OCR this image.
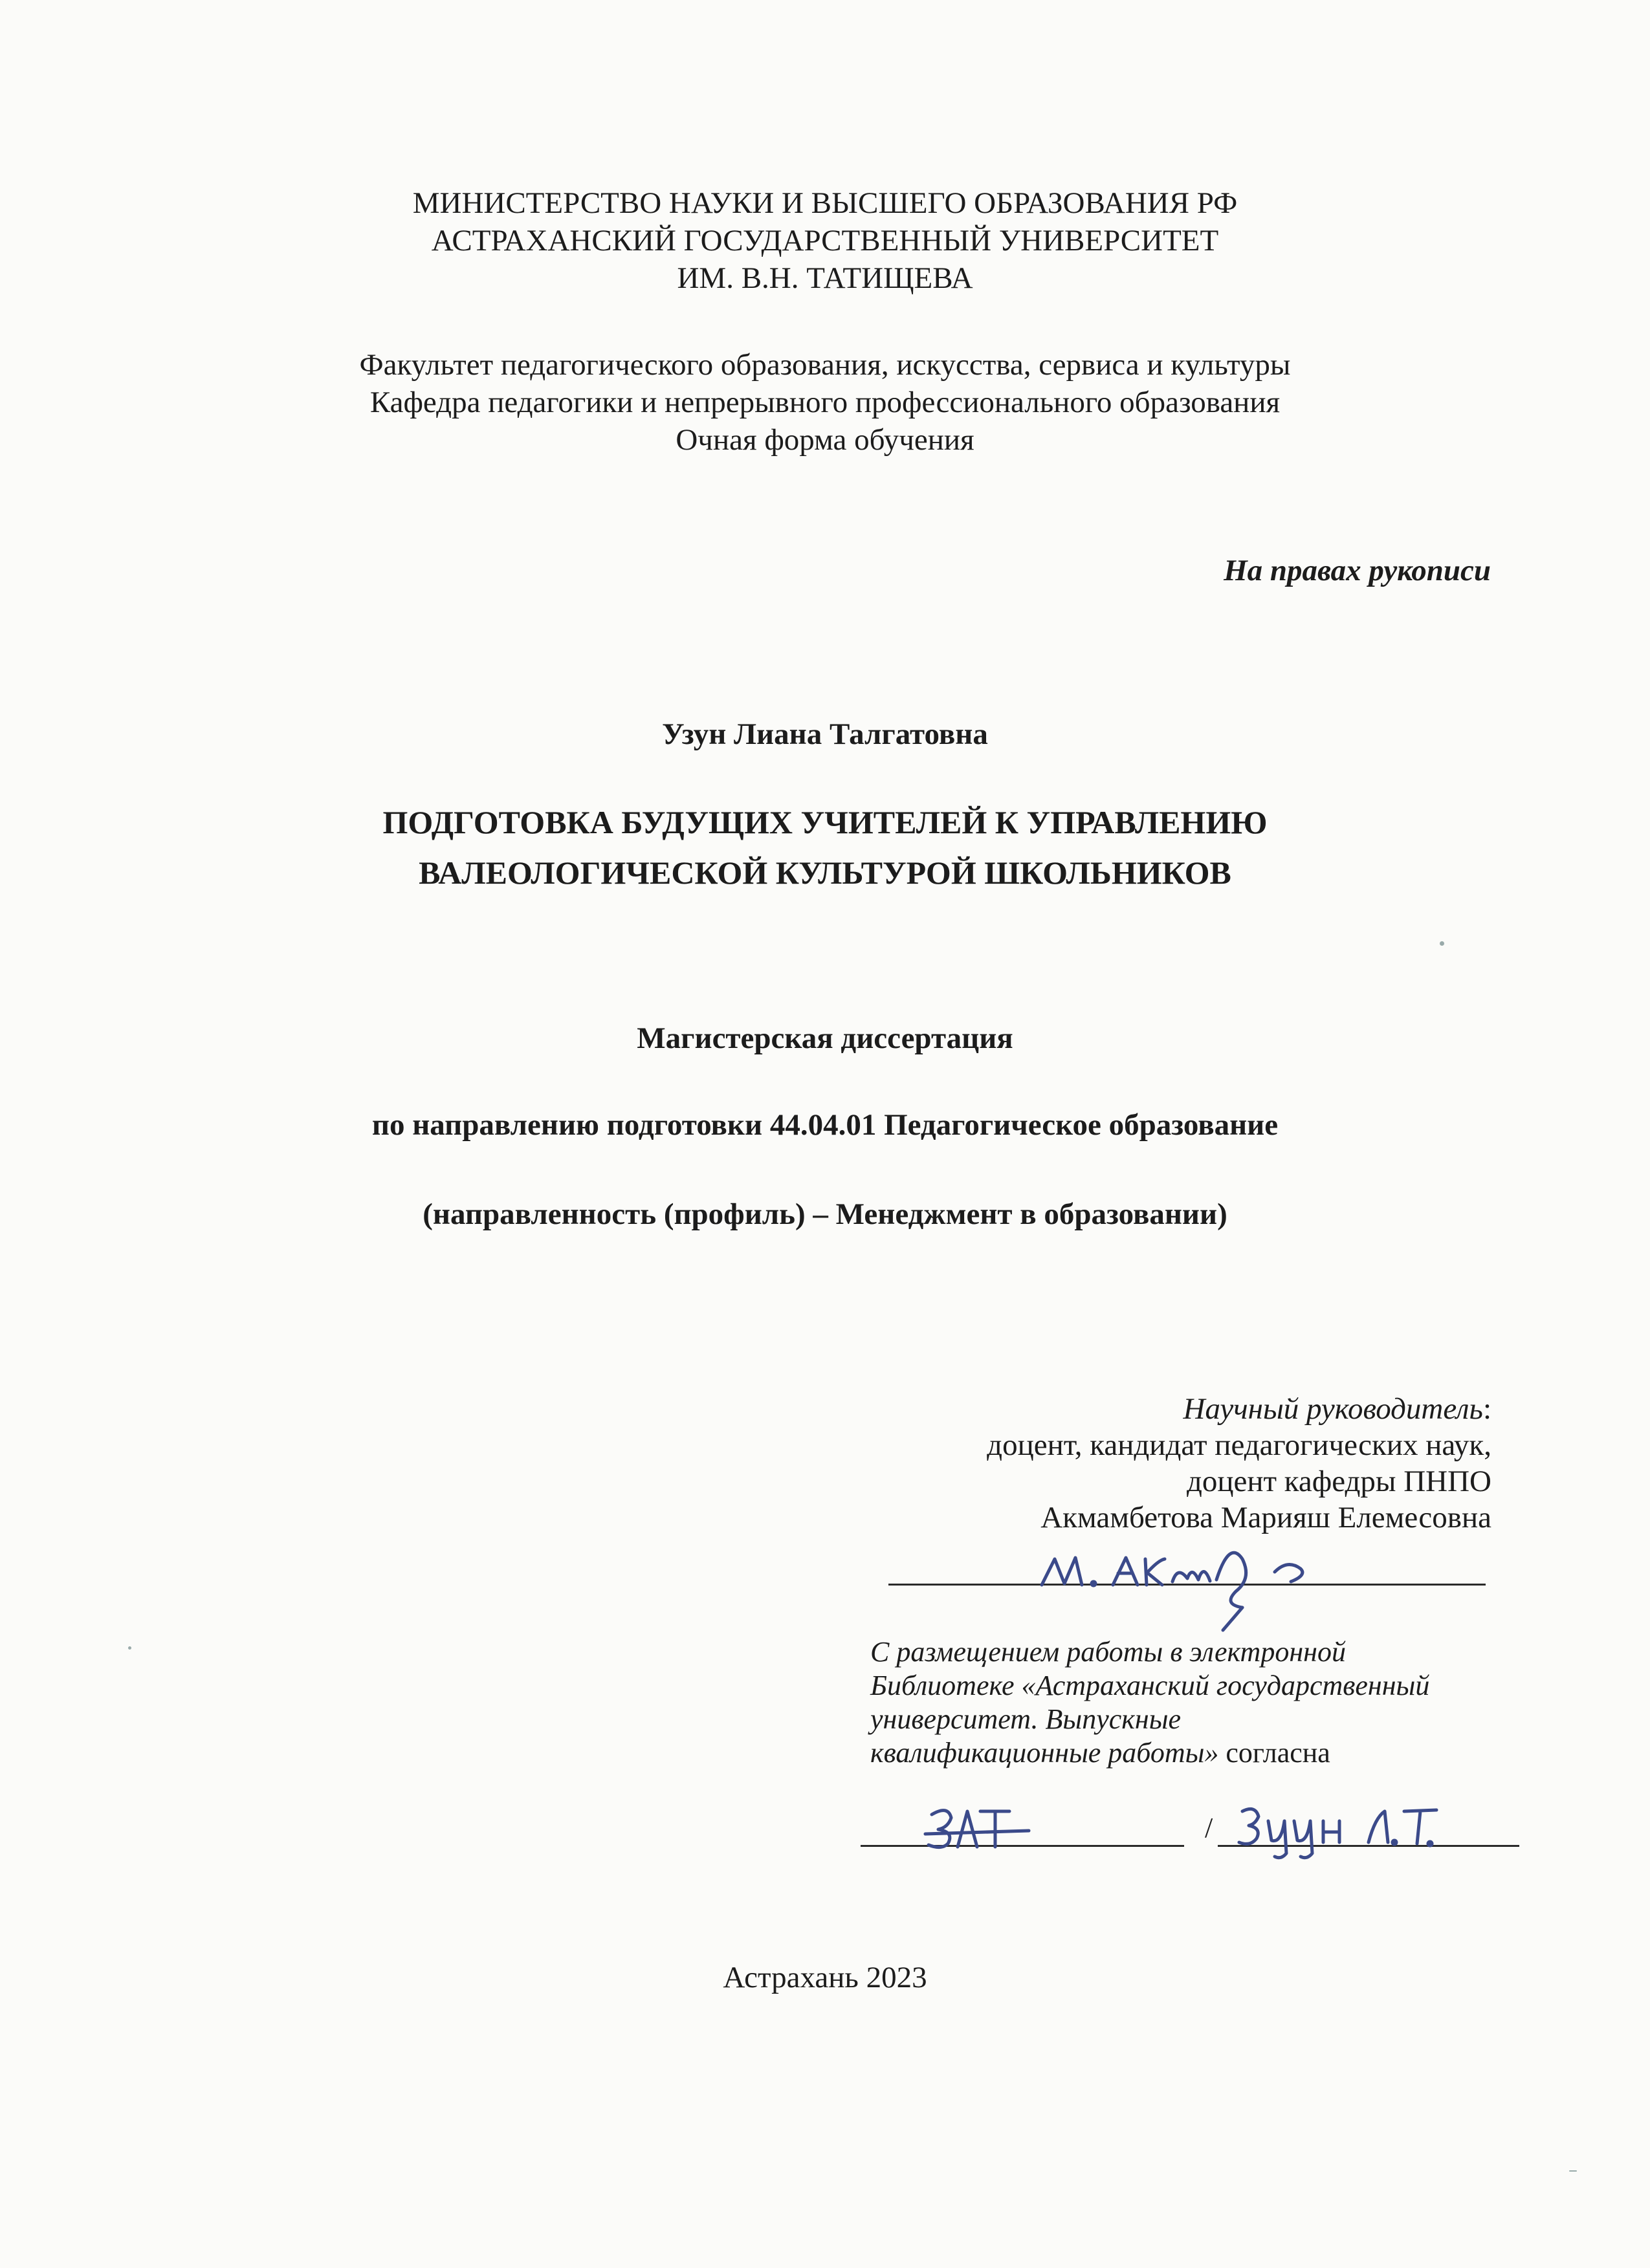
МИНИСТЕРСТВО НАУКИ И ВЫСШЕГО ОБРАЗОВАНИЯ РФ
АСТРАХАНСКИЙ ГОСУДАРСТВЕННЫЙ УНИВЕРСИТЕТ
ИМ. В.Н. ТАТИЩЕВА
Факультет педагогического образования, искусства, сервиса и культуры
Кафедра педагогики и непрерывного профессионального образования
Очная форма обучения
На правах рукописи
Узун Лиана Талгатовна
ПОДГОТОВКА БУДУЩИХ УЧИТЕЛЕЙ К УПРАВЛЕНИЮ
ВАЛЕОЛОГИЧЕСКОЙ КУЛЬТУРОЙ ШКОЛЬНИКОВ
Магистерская диссертация
по направлению подготовки 44.04.01 Педагогическое образование
(направленность (профиль) – Менеджмент в образовании)
Научный руководитель:
доцент, кандидат педагогических наук,
доцент кафедры ПНПО
Акмамбетова Марияш Елемесовна
С размещением работы в электронной
Библиотеке «Астраханский государственный
университет. Выпускные
квалификационные работы» согласна
/
Астрахань 2023
